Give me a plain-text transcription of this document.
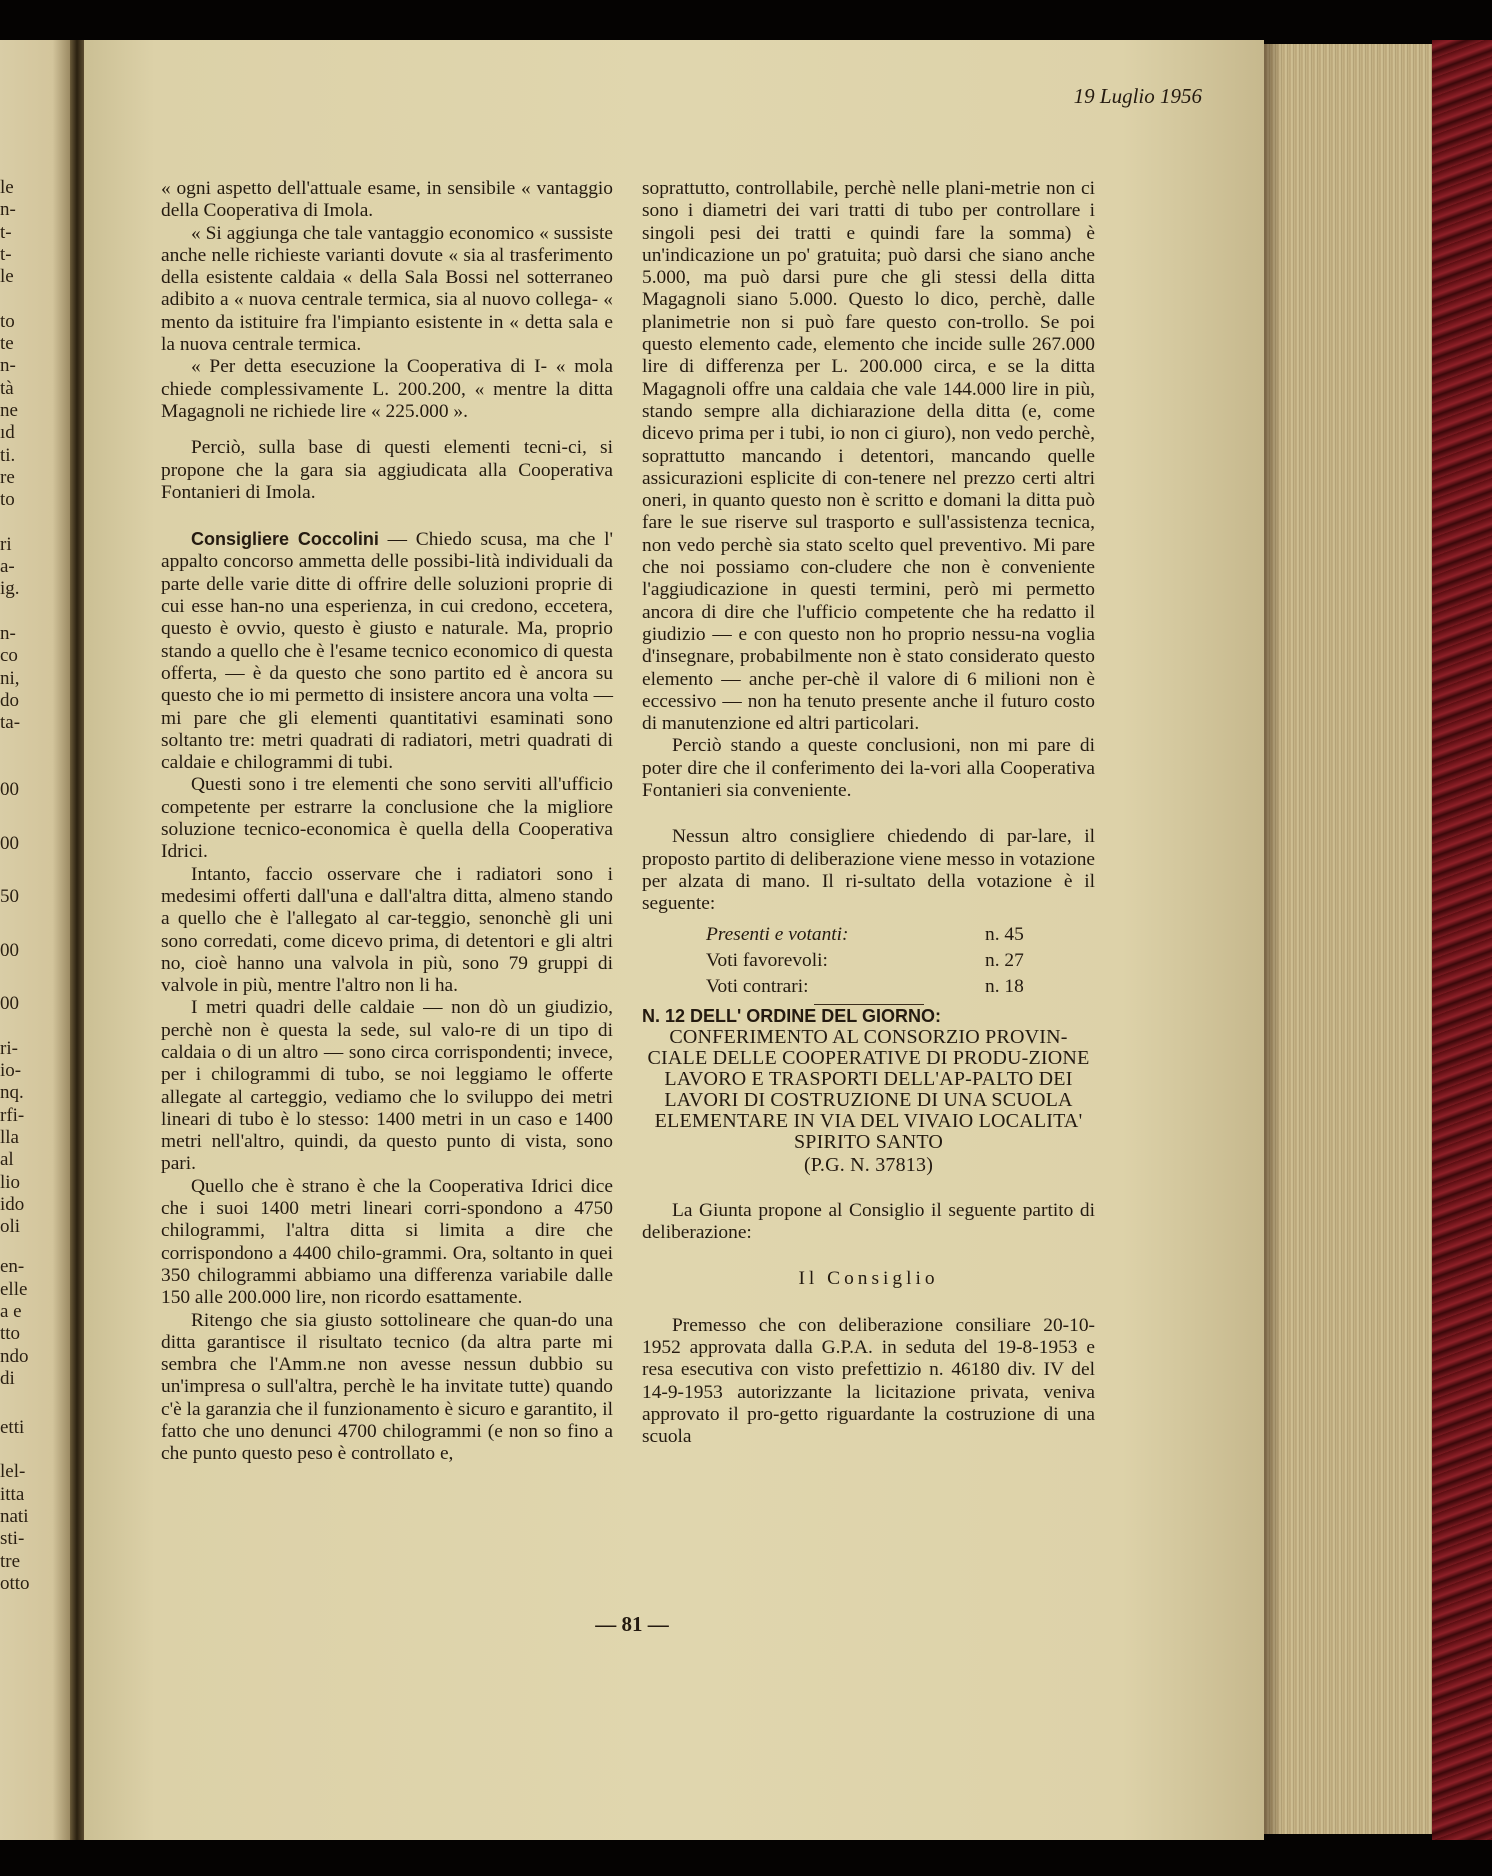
le
n-
t-
t-
le
to
te
n-
tà
ne
ıd
ti.
re
to
ri
a-
ig.
n-
co
ni,
do
ta-
00
00
50
00
00
ri-
io-
nq.
rfi-
lla
al
lio
ido
oli
en-
elle
a e
tto
ndo
di
etti
lel-
itta
nati
sti-
tre
otto
19 Luglio 1956

« ogni aspetto dell'attuale esame, in sensibile « vantaggio della Cooperativa di Imola.

« Si aggiunga che tale vantaggio economico « sussiste anche nelle richieste varianti dovute « sia al trasferimento della esistente caldaia « della Sala Bossi nel sotterraneo adibito a « nuova centrale termica, sia al nuovo collega- « mento da istituire fra l'impianto esistente in « detta sala e la nuova centrale termica.

« Per detta esecuzione la Cooperativa di I- « mola chiede complessivamente L. 200.200, « mentre la ditta Magagnoli ne richiede lire « 225.000 ».

Perciò, sulla base di questi elementi tecni-ci, si propone che la gara sia aggiudicata alla Cooperativa Fontanieri di Imola.

Consigliere Coccolini — Chiedo scusa, ma che l' appalto concorso ammetta delle possibi-lità individuali da parte delle varie ditte di offrire delle soluzioni proprie di cui esse han-no una esperienza, in cui credono, eccetera, questo è ovvio, questo è giusto e naturale. Ma, proprio stando a quello che è l'esame tecnico economico di questa offerta, — è da questo che sono partito ed è ancora su questo che io mi permetto di insistere ancora una volta — mi pare che gli elementi quantitativi esaminati sono soltanto tre: metri quadrati di radiatori, metri quadrati di caldaie e chilogrammi di tubi.

Questi sono i tre elementi che sono serviti all'ufficio competente per estrarre la conclusione che la migliore soluzione tecnico-economica è quella della Cooperativa Idrici.

Intanto, faccio osservare che i radiatori sono i medesimi offerti dall'una e dall'altra ditta, almeno stando a quello che è l'allegato al car-teggio, senonchè gli uni sono corredati, come dicevo prima, di detentori e gli altri no, cioè hanno una valvola in più, sono 79 gruppi di valvole in più, mentre l'altro non li ha.

I metri quadri delle caldaie — non dò un giudizio, perchè non è questa la sede, sul valo-re di un tipo di caldaia o di un altro — sono circa corrispondenti; invece, per i chilogrammi di tubo, se noi leggiamo le offerte allegate al carteggio, vediamo che lo sviluppo dei metri lineari di tubo è lo stesso: 1400 metri in un caso e 1400 metri nell'altro, quindi, da questo punto di vista, sono pari.

Quello che è strano è che la Cooperativa Idrici dice che i suoi 1400 metri lineari corri-spondono a 4750 chilogrammi, l'altra ditta si limita a dire che corrispondono a 4400 chilo-grammi. Ora, soltanto in quei 350 chilogrammi abbiamo una differenza variabile dalle 150 alle 200.000 lire, non ricordo esattamente.

Ritengo che sia giusto sottolineare che quan-do una ditta garantisce il risultato tecnico (da altra parte mi sembra che l'Amm.ne non avesse nessun dubbio su un'impresa o sull'altra, perchè le ha invitate tutte) quando c'è la garanzia che il funzionamento è sicuro e garantito, il fatto che uno denunci 4700 chilogrammi (e non so fino a che punto questo peso è controllato e,

soprattutto, controllabile, perchè nelle plani-metrie non ci sono i diametri dei vari tratti di tubo per controllare i singoli pesi dei tratti e quindi fare la somma) è un'indicazione un po' gratuita; può darsi che siano anche 5.000, ma può darsi pure che gli stessi della ditta Magagnoli siano 5.000. Questo lo dico, perchè, dalle planimetrie non si può fare questo con-trollo. Se poi questo elemento cade, elemento che incide sulle 267.000 lire di differenza per L. 200.000 circa, e se la ditta Magagnoli offre una caldaia che vale 144.000 lire in più, stando sempre alla dichiarazione della ditta (e, come dicevo prima per i tubi, io non ci giuro), non vedo perchè, soprattutto mancando i detentori, mancando quelle assicurazioni esplicite di con-tenere nel prezzo certi altri oneri, in quanto questo non è scritto e domani la ditta può fare le sue riserve sul trasporto e sull'assistenza tecnica, non vedo perchè sia stato scelto quel preventivo. Mi pare che noi possiamo con-cludere che non è conveniente l'aggiudicazione in questi termini, però mi permetto ancora di dire che l'ufficio competente che ha redatto il giudizio — e con questo non ho proprio nessu-na voglia d'insegnare, probabilmente non è stato considerato questo elemento — anche per-chè il valore di 6 milioni non è eccessivo — non ha tenuto presente anche il futuro costo di manutenzione ed altri particolari.

Perciò stando a queste conclusioni, non mi pare di poter dire che il conferimento dei la-vori alla Cooperativa Fontanieri sia conveniente.

Nessun altro consigliere chiedendo di par-lare, il proposto partito di deliberazione viene messo in votazione per alzata di mano. Il ri-sultato della votazione è il seguente:

Presenti e votanti:	n. 45
Voti favorevoli:	n. 27
Voti contrari:	n. 18

N. 12 DELL' ORDINE DEL GIORNO:

CONFERIMENTO AL CONSORZIO PROVIN-CIALE DELLE COOPERATIVE DI PRODU-ZIONE LAVORO E TRASPORTI DELL'AP-PALTO DEI LAVORI DI COSTRUZIONE DI UNA SCUOLA ELEMENTARE IN VIA DEL VIVAIO LOCALITA' SPIRITO SANTO

(P.G. N. 37813)

La Giunta propone al Consiglio il seguente partito di deliberazione:

Il Consiglio

Premesso che con deliberazione consiliare 20-10-1952 approvata dalla G.P.A. in seduta del 19-8-1953 e resa esecutiva con visto prefettizio n. 46180 div. IV del 14-9-1953 autorizzante la licitazione privata, veniva approvato il pro-getto riguardante la costruzione di una scuola

— 81 —
